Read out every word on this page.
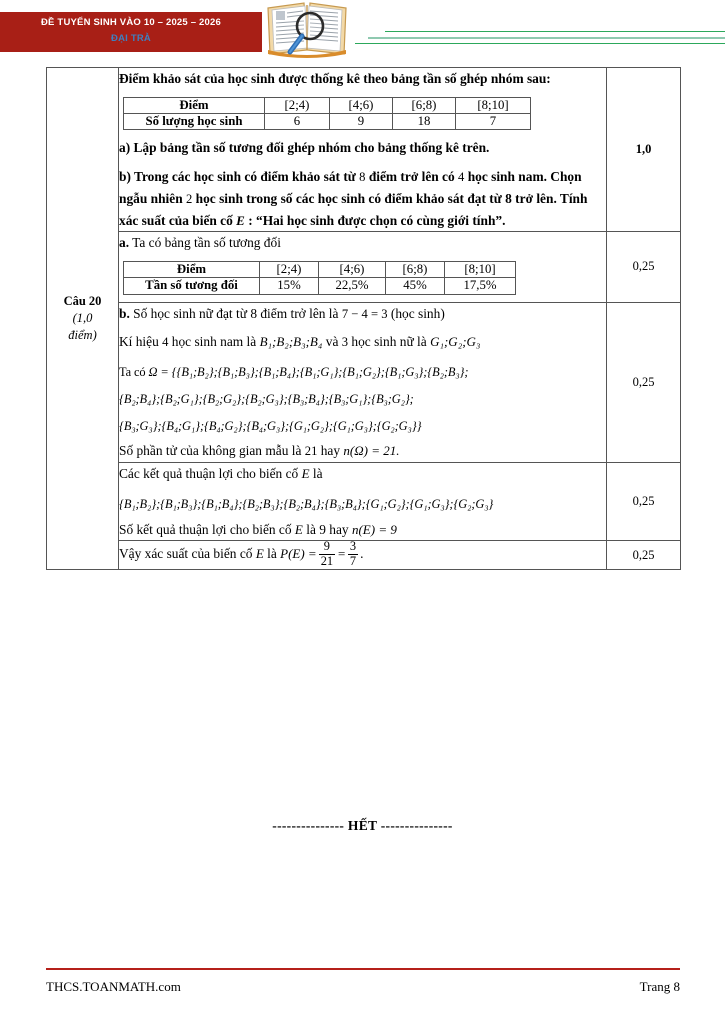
ĐỀ TUYỂN SINH VÀO 10 – 2025 – 2026
ĐẠI TRÀ
Câu 20
(1,0
điểm)

Điểm khảo sát của học sinh được thống kê theo bảng tần số ghép nhóm sau:

Điểm	[2;4)	[4;6)	[6;8)	[8;10]
Số lượng học sinh	6	9	18	7

a) Lập bảng tần số tương đối ghép nhóm cho bảng thống kê trên.

b) Trong các học sinh có điểm khảo sát từ 8 điểm trở lên có 4 học sinh nam. Chọn ngẫu nhiên 2 học sinh trong số các học sinh có điểm khảo sát đạt từ 8 trở lên. Tính xác suất của biến cố E : “Hai học sinh được chọn có cùng giới tính”.

	1,0

a. Ta có bảng tần số tương đối

Điểm	[2;4)	[4;6)	[6;8)	[8;10]
Tần số tương đối	15%	22,5%	45%	17,5%
	0,25

b. Số học sinh nữ đạt từ 8 điểm trở lên là 7 − 4 = 3 (học sinh)

Kí hiệu 4 học sinh nam là B₁;B₂;B₃;B₄ và 3 học sinh nữ là G₁;G₂;G₃

Ta có Ω = {{B₁;B₂};{B₁;B₃};{B₁;B₄};{B₁;G₁};{B₁;G₂};{B₁;G₃};{B₂;B₃};

{B₂;B₄};{B₂;G₁};{B₂;G₂};{B₂;G₃};{B₃;B₄};{B₃;G₁};{B₃;G₂};

{B₃;G₃};{B₄;G₁};{B₄;G₂};{B₄;G₃};{G₁;G₂};{G₁;G₃};{G₂;G₃}}

Số phần tử của không gian mẫu là 21 hay n(Ω) = 21.

	0,25

Các kết quả thuận lợi cho biến cố E là

{B₁;B₂};{B₁;B₃};{B₁;B₄};{B₂;B₃};{B₂;B₄};{B₃;B₄};{G₁;G₂};{G₁;G₃};{G₂;G₃}

Số kết quả thuận lợi cho biến cố E là 9 hay n(E) = 9

	0,25

Vậy xác suất của biến cố E là $P(E) = \frac{9}{21} = \frac{3}{7}$ .	0,25
--------------- HẾT ---------------
THCS.TOANMATH.com	Trang 8
